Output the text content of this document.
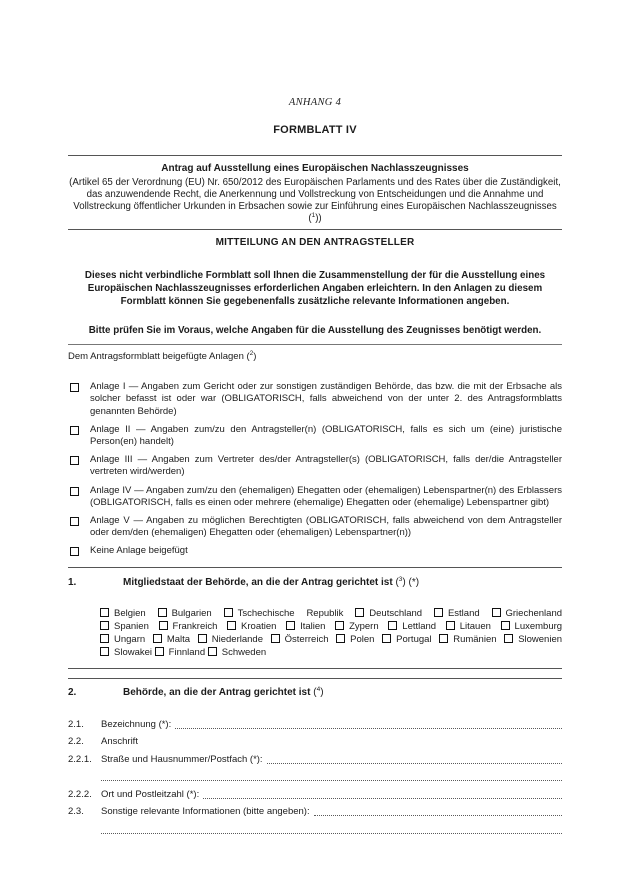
ANHANG 4
FORMBLATT IV
Antrag auf Ausstellung eines Europäischen Nachlasszeugnisses

(Artikel 65 der Verordnung (EU) Nr. 650/2012 des Europäischen Parlaments und des Rates über die Zuständigkeit, das anzuwendende Recht, die Anerkennung und Vollstreckung von Entscheidungen und die Annahme und Vollstreckung öffentlicher Urkunden in Erbsachen sowie zur Einführung eines Europäischen Nachlasszeugnisses ($^1$))

MITTEILUNG AN DEN ANTRAGSTELLER

Dieses nicht verbindliche Formblatt soll Ihnen die Zusammenstellung der für die Ausstellung eines Europäischen Nachlasszeugnisses erforderlichen Angaben erleichtern. In den Anlagen zu diesem Formblatt können Sie gegebenenfalls zusätzliche relevante Informationen angeben.

Bitte prüfen Sie im Voraus, welche Angaben für die Ausstellung des Zeugnisses benötigt werden.

Dem Antragsformblatt beigefügte Anlagen ($^2$)
Anlage I — Angaben zum Gericht oder zur sonstigen zuständigen Behörde, das bzw. die mit der Erbsache als solcher befasst ist oder war (OBLIGATORISCH, falls abweichend von der unter 2. des Antragsformblatts genannten Behörde)
Anlage II — Angaben zum/zu den Antragsteller(n) (OBLIGATORISCH, falls es sich um (eine) juristische Person(en) handelt)
Anlage III — Angaben zum Vertreter des/der Antragsteller(s) (OBLIGATORISCH, falls der/die Antragsteller vertreten wird/werden)
Anlage IV — Angaben zum/zu den (ehemaligen) Ehegatten oder (ehemaligen) Lebenspartner(n) des Erblassers (OBLIGATORISCH, falls es einen oder mehrere (ehemalige) Ehegatten oder (ehemalige) Lebenspartner gibt)
Anlage V — Angaben zu möglichen Berechtigten (OBLIGATORISCH, falls abweichend von dem Antragsteller oder dem/den (ehemaligen) Ehegatten oder (ehemaligen) Lebenspartner(n))
Keine Anlage beigefügt
1.	Mitgliedstaat der Behörde, an die der Antrag gerichtet ist ($^3$) (*)
Belgien	Bulgarien	Tschechische Republik	Deutschland	Estland	Griechenland
Spanien Frankreich Kroatien Italien Zypern Lettland Litauen Luxemburg
Ungarn Malta Niederlande Österreich Polen Portugal Rumänien Slowenien
Slowakei Finnland Schweden
2.	Behörde, an die der Antrag gerichtet ist ($^4$)
2.1.	Bezeichnung (*):
2.2.	Anschrift
2.2.1. Straße und Hausnummer/Postfach (*):
2.2.2. Ort und Postleitzahl (*):
2.3.	Sonstige relevante Informationen (bitte angeben):
